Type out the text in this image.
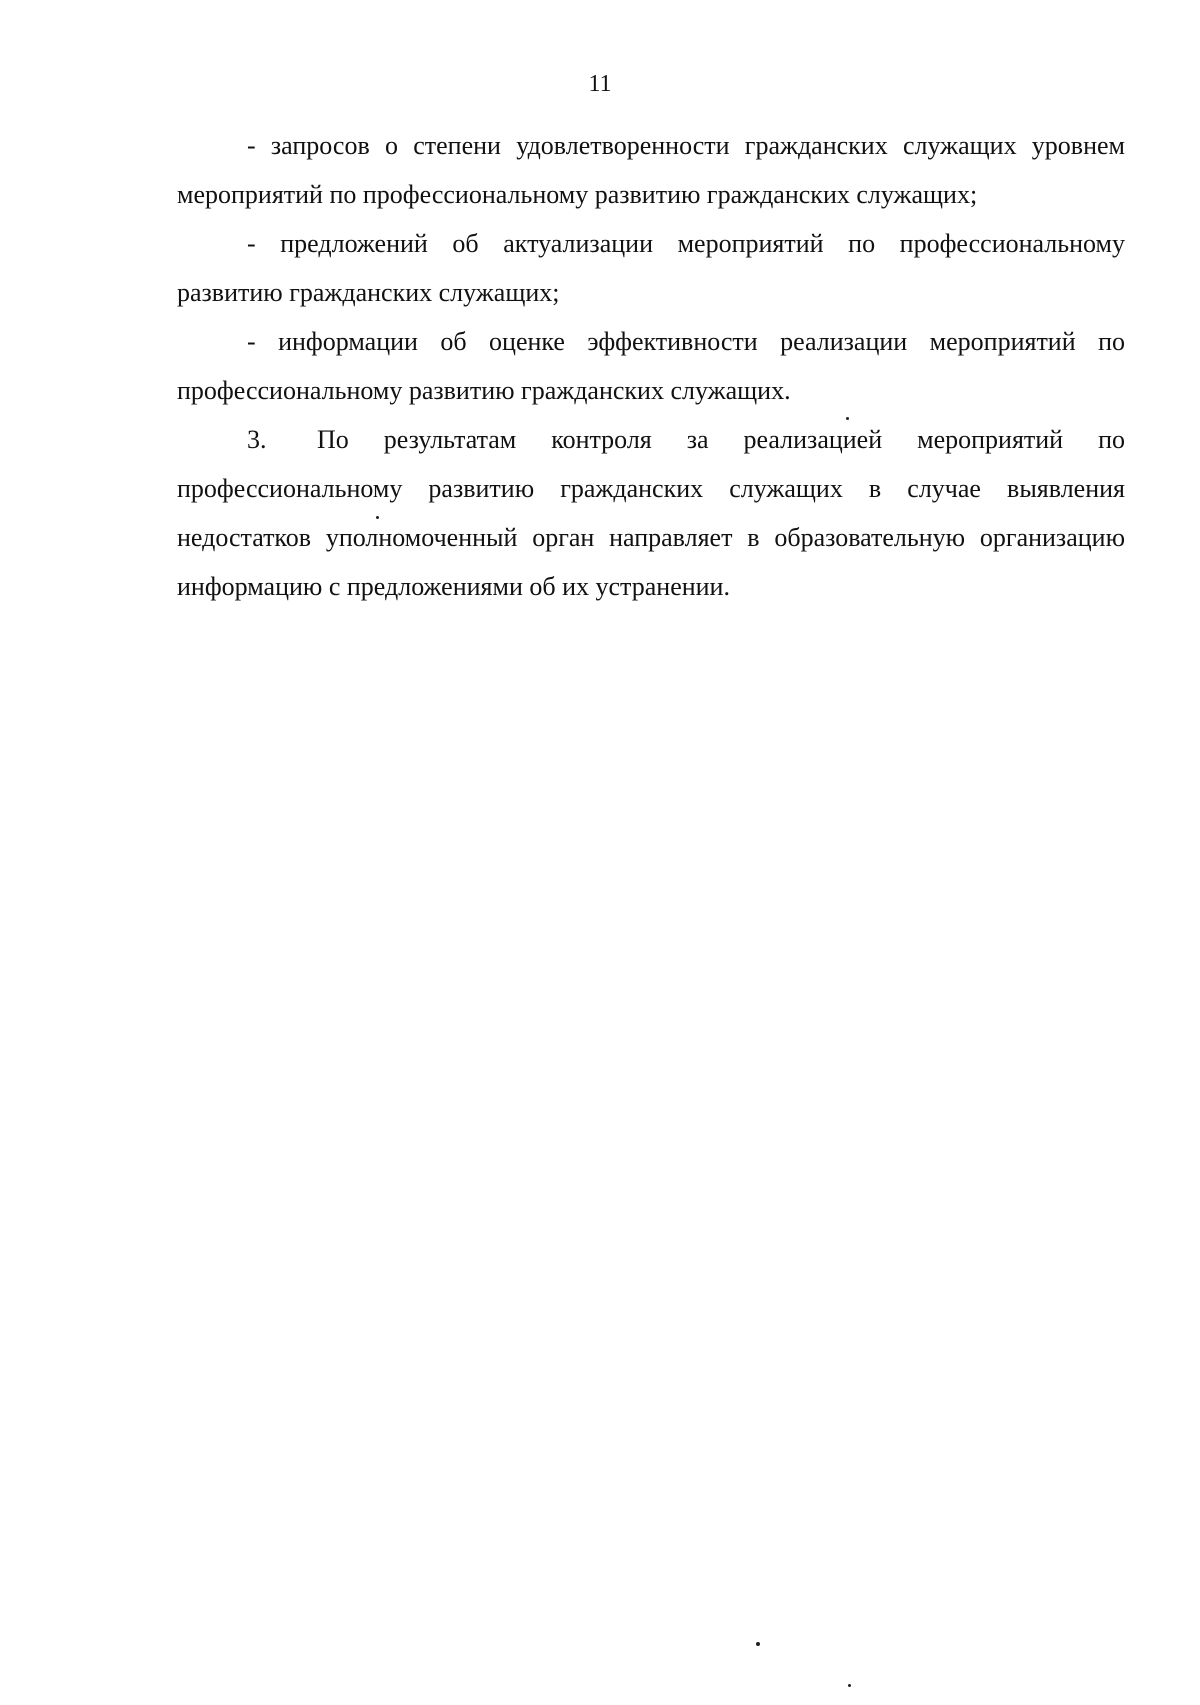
11

- запросов о степени удовлетворенности гражданских служащих уровнем мероприятий по профессиональному развитию гражданских служащих;

- предложений об актуализации мероприятий по профессиональному развитию гражданских служащих;

- информации об оценке эффективности реализации мероприятий по профессиональному развитию гражданских служащих.

3. По результатам контроля за реализацией мероприятий по профессиональному развитию гражданских служащих в случае выявления недостатков уполномоченный орган направляет в образовательную организацию информацию с предложениями об их устранении.
